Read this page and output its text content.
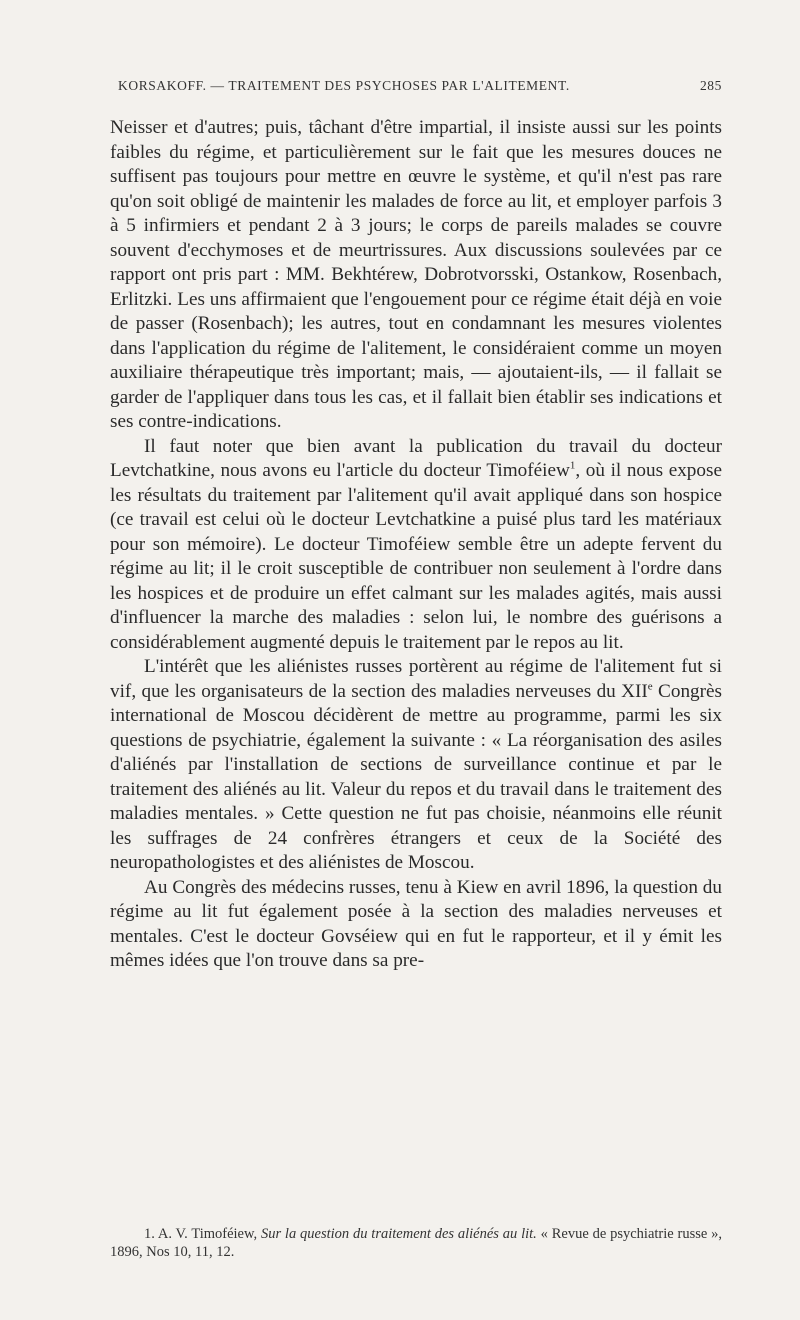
KORSAKOFF. — TRAITEMENT DES PSYCHOSES PAR L'ALITEMENT.	285

Neisser et d'autres; puis, tâchant d'être impartial, il insiste aussi sur les points faibles du régime, et particulièrement sur le fait que les mesures douces ne suffisent pas toujours pour mettre en œuvre le système, et qu'il n'est pas rare qu'on soit obligé de maintenir les malades de force au lit, et employer parfois 3 à 5 infirmiers et pendant 2 à 3 jours; le corps de pareils malades se couvre souvent d'ecchymoses et de meurtrissures. Aux discussions soulevées par ce rapport ont pris part : MM. Bekhtérew, Dobrotvorsski, Ostankow, Rosenbach, Erlitzki. Les uns affirmaient que l'engouement pour ce régime était déjà en voie de passer (Rosenbach); les autres, tout en condamnant les mesures violentes dans l'application du régime de l'alitement, le considéraient comme un moyen auxiliaire thérapeutique très important; mais, — ajoutaient-ils, — il fallait se garder de l'appliquer dans tous les cas, et il fallait bien établir ses indications et ses contre-indications.

Il faut noter que bien avant la publication du travail du docteur Levtchatkine, nous avons eu l'article du docteur Timoféiew$^1$, où il nous expose les résultats du traitement par l'alitement qu'il avait appliqué dans son hospice (ce travail est celui où le docteur Levtchatkine a puisé plus tard les matériaux pour son mémoire). Le docteur Timoféiew semble être un adepte fervent du régime au lit; il le croit susceptible de contribuer non seulement à l'ordre dans les hospices et de produire un effet calmant sur les malades agités, mais aussi d'influencer la marche des maladies : selon lui, le nombre des guérisons a considérablement augmenté depuis le traitement par le repos au lit.

L'intérêt que les aliénistes russes portèrent au régime de l'alitement fut si vif, que les organisateurs de la section des maladies nerveuses du XIIe Congrès international de Moscou décidèrent de mettre au programme, parmi les six questions de psychiatrie, également la suivante : « La réorganisation des asiles d'aliénés par l'installation de sections de surveillance continue et par le traitement des aliénés au lit. Valeur du repos et du travail dans le traitement des maladies mentales. » Cette question ne fut pas choisie, néanmoins elle réunit les suffrages de 24 confrères étrangers et ceux de la Société des neuropathologistes et des aliénistes de Moscou.

Au Congrès des médecins russes, tenu à Kiew en avril 1896, la question du régime au lit fut également posée à la section des maladies nerveuses et mentales. C'est le docteur Govséiew qui en fut le rapporteur, et il y émit les mêmes idées que l'on trouve dans sa pre-

1. A. V. Timoféiew, Sur la question du traitement des aliénés au lit. « Revue de psychiatrie russe », 1896, Nos 10, 11, 12.
